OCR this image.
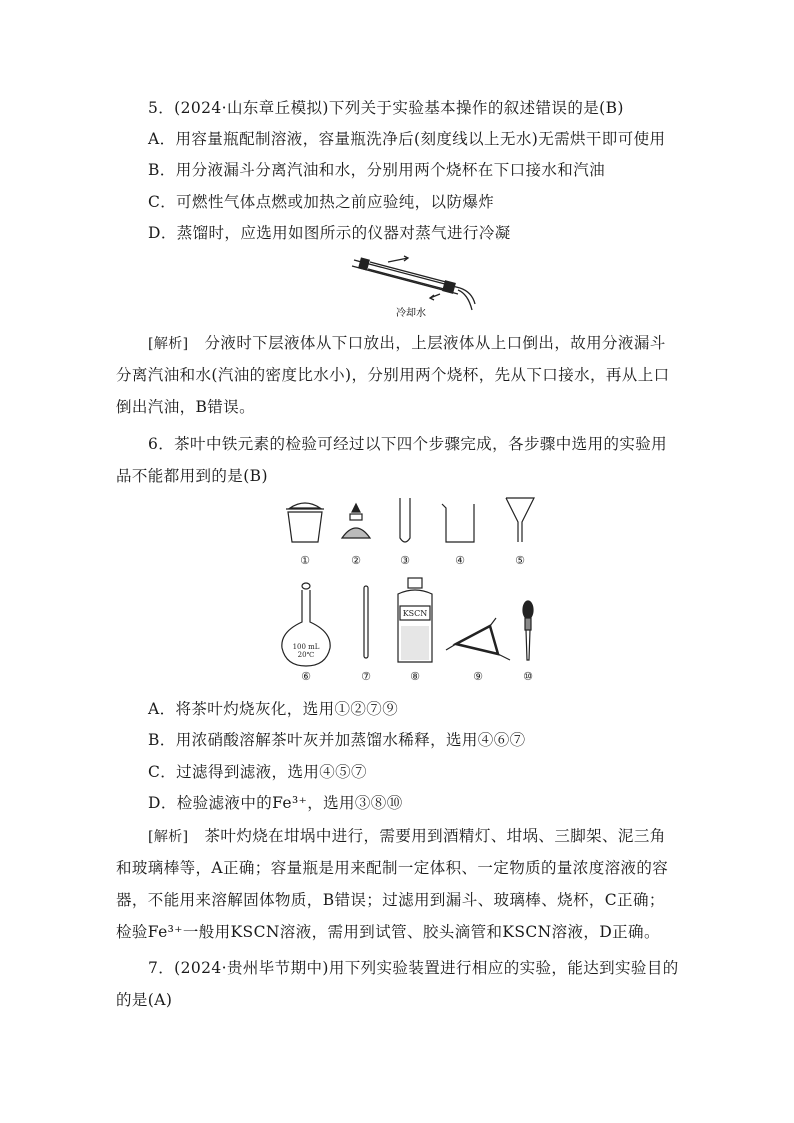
5．(2024·山东章丘模拟)下列关于实验基本操作的叙述错误的是(B)
A．用容量瓶配制溶液，容量瓶洗净后(刻度线以上无水)无需烘干即可使用
B．用分液漏斗分离汽油和水，分别用两个烧杯在下口接水和汽油
C．可燃性气体点燃或加热之前应验纯，以防爆炸
D．蒸馏时，应选用如图所示的仪器对蒸气进行冷凝
冷却水
[解析] 分液时下层液体从下口放出，上层液体从上口倒出，故用分液漏斗
分离汽油和水(汽油的密度比水小)，分别用两个烧杯，先从下口接水，再从上口
倒出汽油，B错误。
6．茶叶中铁元素的检验可经过以下四个步骤完成，各步骤中选用的实验用
品不能都用到的是(B)
100 mL
20℃
KSCN
①	②	③	④	⑤
⑥	⑦	⑧	⑨	⑩
A．将茶叶灼烧灰化，选用①②⑦⑨
B．用浓硝酸溶解茶叶灰并加蒸馏水稀释，选用④⑥⑦
C．过滤得到滤液，选用④⑤⑦
D．检验滤液中的Fe³⁺，选用③⑧⑩
[解析] 茶叶灼烧在坩埚中进行，需要用到酒精灯、坩埚、三脚架、泥三角
和玻璃棒等，A正确；容量瓶是用来配制一定体积、一定物质的量浓度溶液的容
器，不能用来溶解固体物质，B错误；过滤用到漏斗、玻璃棒、烧杯，C正确；
检验Fe³⁺一般用KSCN溶液，需用到试管、胶头滴管和KSCN溶液，D正确。
7．(2024·贵州毕节期中)用下列实验装置进行相应的实验，能达到实验目的
的是(A)
